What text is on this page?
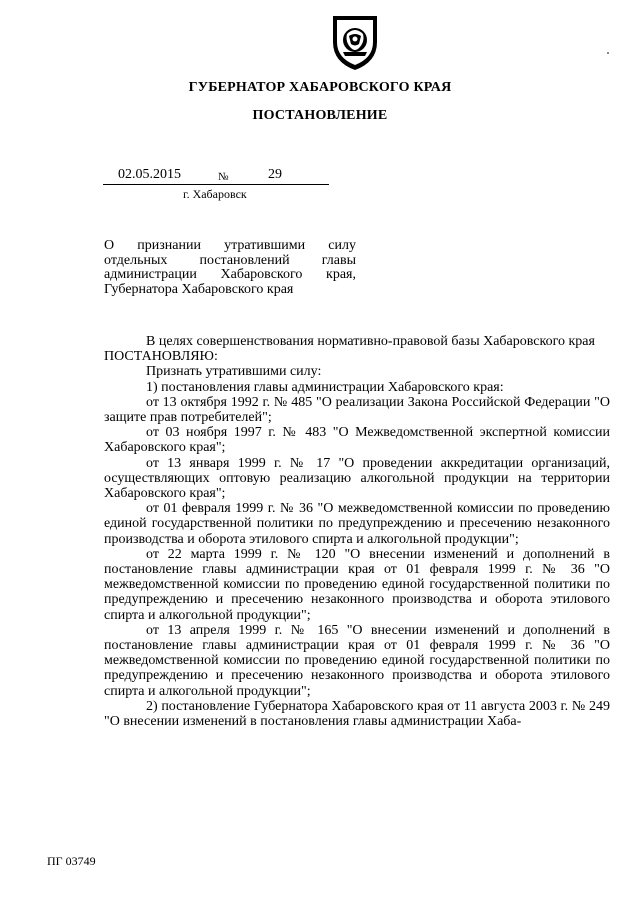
ГУБЕРНАТОР ХАБАРОВСКОГО КРАЯ
ПОСТАНОВЛЕНИЕ
02.05.2015	№	29
г. Хабаровск
О признании утратившими силу
отдельных постановлений главы
администрации Хабаровского края,
Губернатора Хабаровского края

В целях совершенствования нормативно-правовой базы Хабаровского края

ПОСТАНОВЛЯЮ:

Признать утратившими силу:

1) постановления главы администрации Хабаровского края:

от 13 октября 1992 г. № 485 "О реализации Закона Российской Федерации "О защите прав потребителей";

от 03 ноября 1997 г. № 483 "О Межведомственной экспертной комиссии Хабаровского края";

от 13 января 1999 г. № 17 "О проведении аккредитации организаций, осуществляющих оптовую реализацию алкогольной продукции на территории Хабаровского края";

от 01 февраля 1999 г. № 36 "О межведомственной комиссии по проведению единой государственной политики по предупреждению и пресечению незаконного производства и оборота этилового спирта и алкогольной продукции";

от 22 марта 1999 г. № 120 "О внесении изменений и дополнений в постановление главы администрации края от 01 февраля 1999 г. № 36 "О межведомственной комиссии по проведению единой государственной политики по предупреждению и пресечению незаконного производства и оборота этилового спирта и алкогольной продукции";

от 13 апреля 1999 г. № 165 "О внесении изменений и дополнений в постановление главы администрации края от 01 февраля 1999 г. № 36 "О межведомственной комиссии по проведению единой государственной политики по предупреждению и пресечению незаконного производства и оборота этилового спирта и алкогольной продукции";

2) постановление Губернатора Хабаровского края от 11 августа 2003 г. № 249 "О внесении изменений в постановления главы администрации Хаба-

ПГ 03749
